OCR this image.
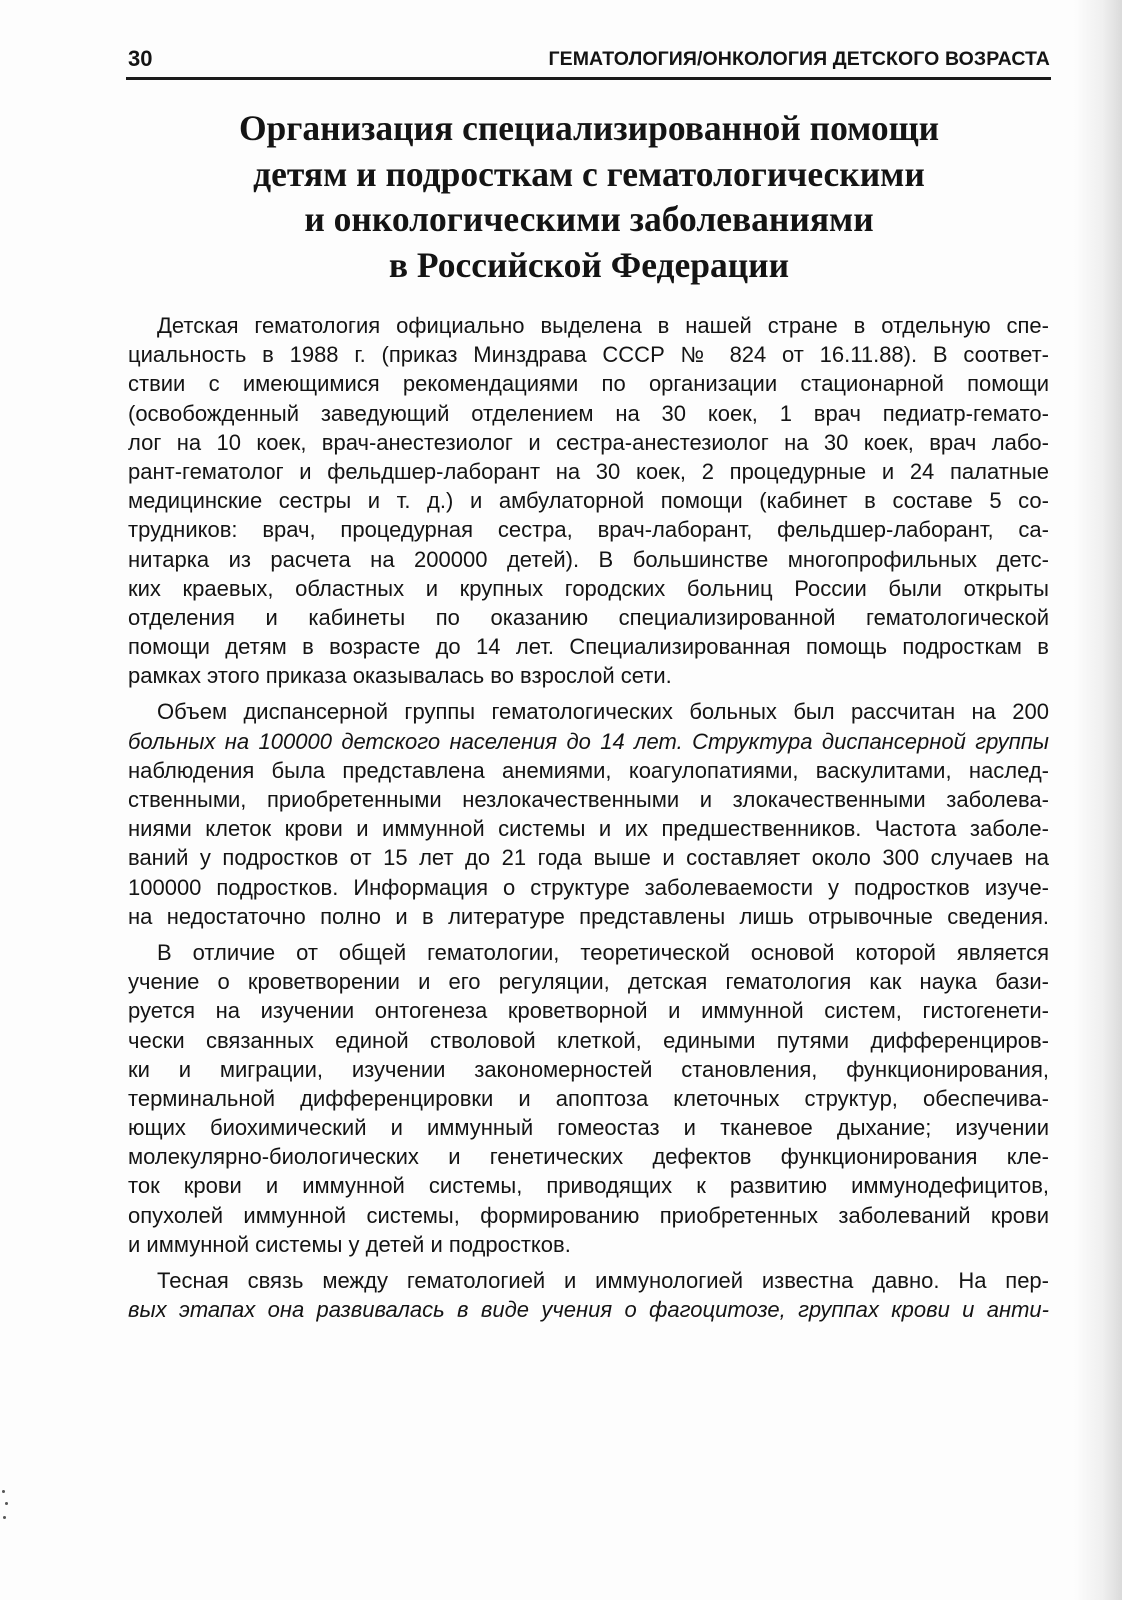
30	ГЕМАТОЛОГИЯ/ОНКОЛОГИЯ ДЕТСКОГО ВОЗРАСТА
Организация специализированной помощи
детям и подросткам с гематологическими
и онкологическими заболеваниями
в Российской Федерации
Детская гематология официально выделена в нашей стране в отдельную спе-
циальность в 1988 г. (приказ Минздрава СССР № 824 от 16.11.88). В соответ-
ствии с имеющимися рекомендациями по организации стационарной помощи
(освобожденный заведующий отделением на 30 коек, 1 врач педиатр-гемато-
лог на 10 коек, врач-анестезиолог и сестра-анестезиолог на 30 коек, врач лабо-
рант-гематолог и фельдшер-лаборант на 30 коек, 2 процедурные и 24 палатные
медицинские сестры и т. д.) и амбулаторной помощи (кабинет в составе 5 со-
трудников: врач, процедурная сестра, врач-лаборант, фельдшер-лаборант, са-
нитарка из расчета на 200000 детей). В большинстве многопрофильных детс-
ких краевых, областных и крупных городских больниц России были открыты
отделения и кабинеты по оказанию специализированной гематологической
помощи детям в возрасте до 14 лет. Специализированная помощь подросткам в
рамках этого приказа оказывалась во взрослой сети.
Объем диспансерной группы гематологических больных был рассчитан на 200
больных на 100000 детского населения до 14 лет. Структура диспансерной группы
наблюдения была представлена анемиями, коагулопатиями, васкулитами, наслед-
ственными, приобретенными незлокачественными и злокачественными заболева-
ниями клеток крови и иммунной системы и их предшественников. Частота заболе-
ваний у подростков от 15 лет до 21 года выше и составляет около 300 случаев на
100000 подростков. Информация о структуре заболеваемости у подростков изуче-
на недостаточно полно и в литературе представлены лишь отрывочные сведения.
В отличие от общей гематологии, теоретической основой которой является
учение о кроветворении и его регуляции, детская гематология как наука бази-
руется на изучении онтогенеза кроветворной и иммунной систем, гистогенети-
чески связанных единой стволовой клеткой, едиными путями дифференциров-
ки и миграции, изучении закономерностей становления, функционирования,
терминальной дифференцировки и апоптоза клеточных структур, обеспечива-
ющих биохимический и иммунный гомеостаз и тканевое дыхание; изучении
молекулярно-биологических и генетических дефектов функционирования кле-
ток крови и иммунной системы, приводящих к развитию иммунодефицитов,
опухолей иммунной системы, формированию приобретенных заболеваний крови
и иммунной системы у детей и подростков.
Тесная связь между гематологией и иммунологией известна давно. На пер-
вых этапах она развивалась в виде учения о фагоцитозе, группах крови и анти-
